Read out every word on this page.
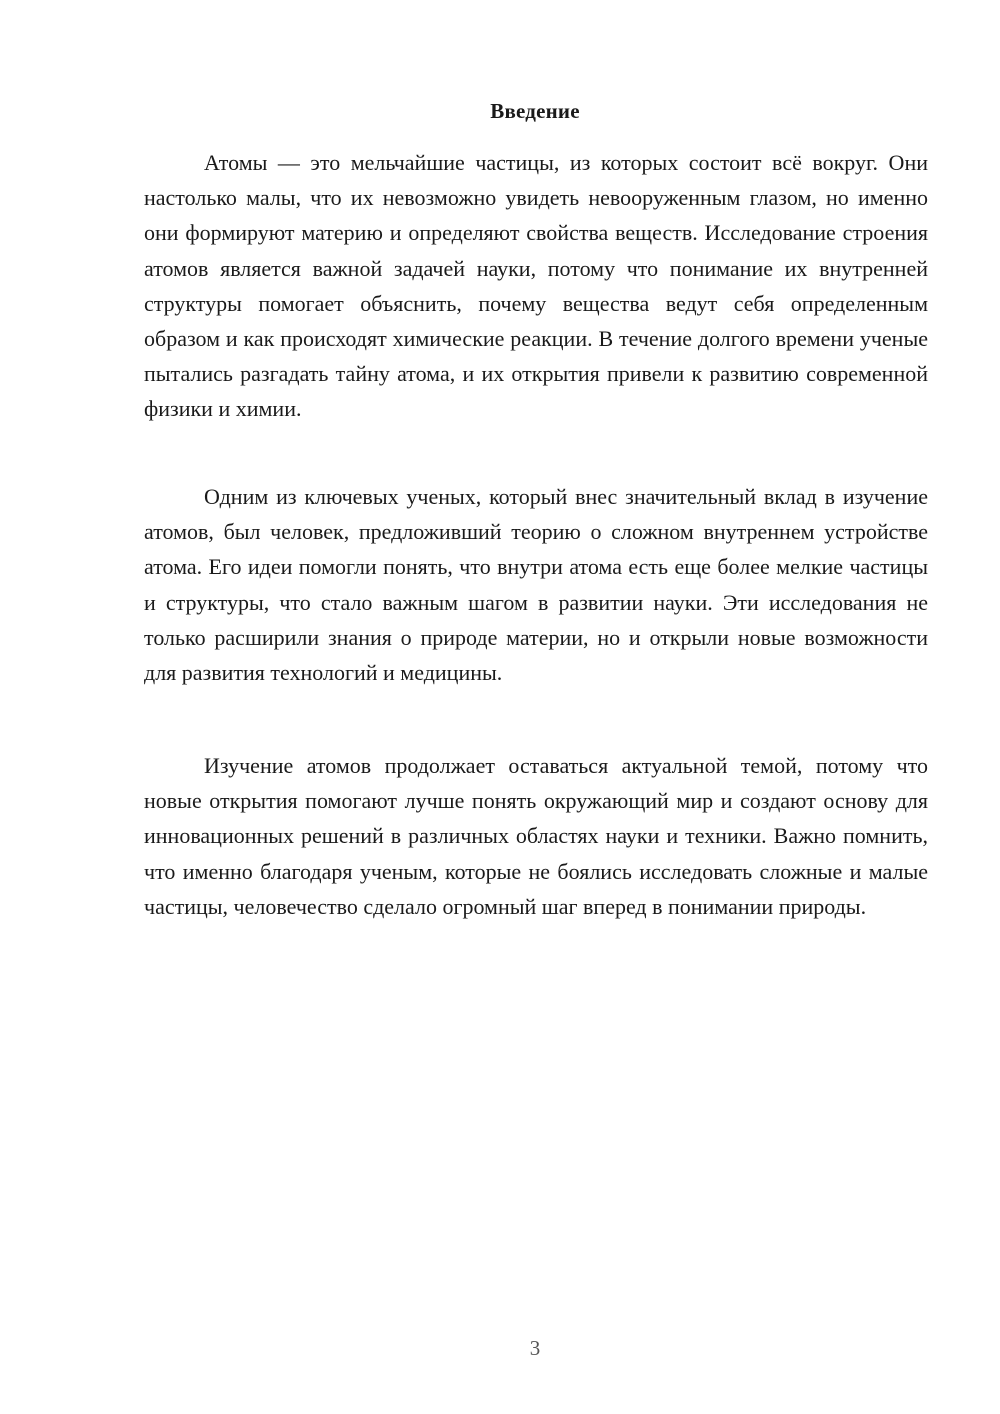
Введение

Атомы — это мельчайшие частицы, из которых состоит всё вокруг. Они настолько малы, что их невозможно увидеть невооруженным глазом, но именно они формируют материю и определяют свойства веществ. Исследование строения атомов является важной задачей науки, потому что понимание их внутренней структуры помогает объяснить, почему вещества ведут себя определенным образом и как происходят химические реакции. В течение долгого времени ученые пытались разгадать тайну атома, и их открытия привели к развитию современной физики и химии.

Одним из ключевых ученых, который внес значительный вклад в изучение атомов, был человек, предложивший теорию о сложном внутреннем устройстве атома. Его идеи помогли понять, что внутри атома есть еще более мелкие частицы и структуры, что стало важным шагом в развитии науки. Эти исследования не только расширили знания о природе материи, но и открыли новые возможности для развития технологий и медицины.

Изучение атомов продолжает оставаться актуальной темой, потому что новые открытия помогают лучше понять окружающий мир и создают основу для инновационных решений в различных областях науки и техники. Важно помнить, что именно благодаря ученым, которые не боялись исследовать сложные и малые частицы, человечество сделало огромный шаг вперед в понимании природы.

3
